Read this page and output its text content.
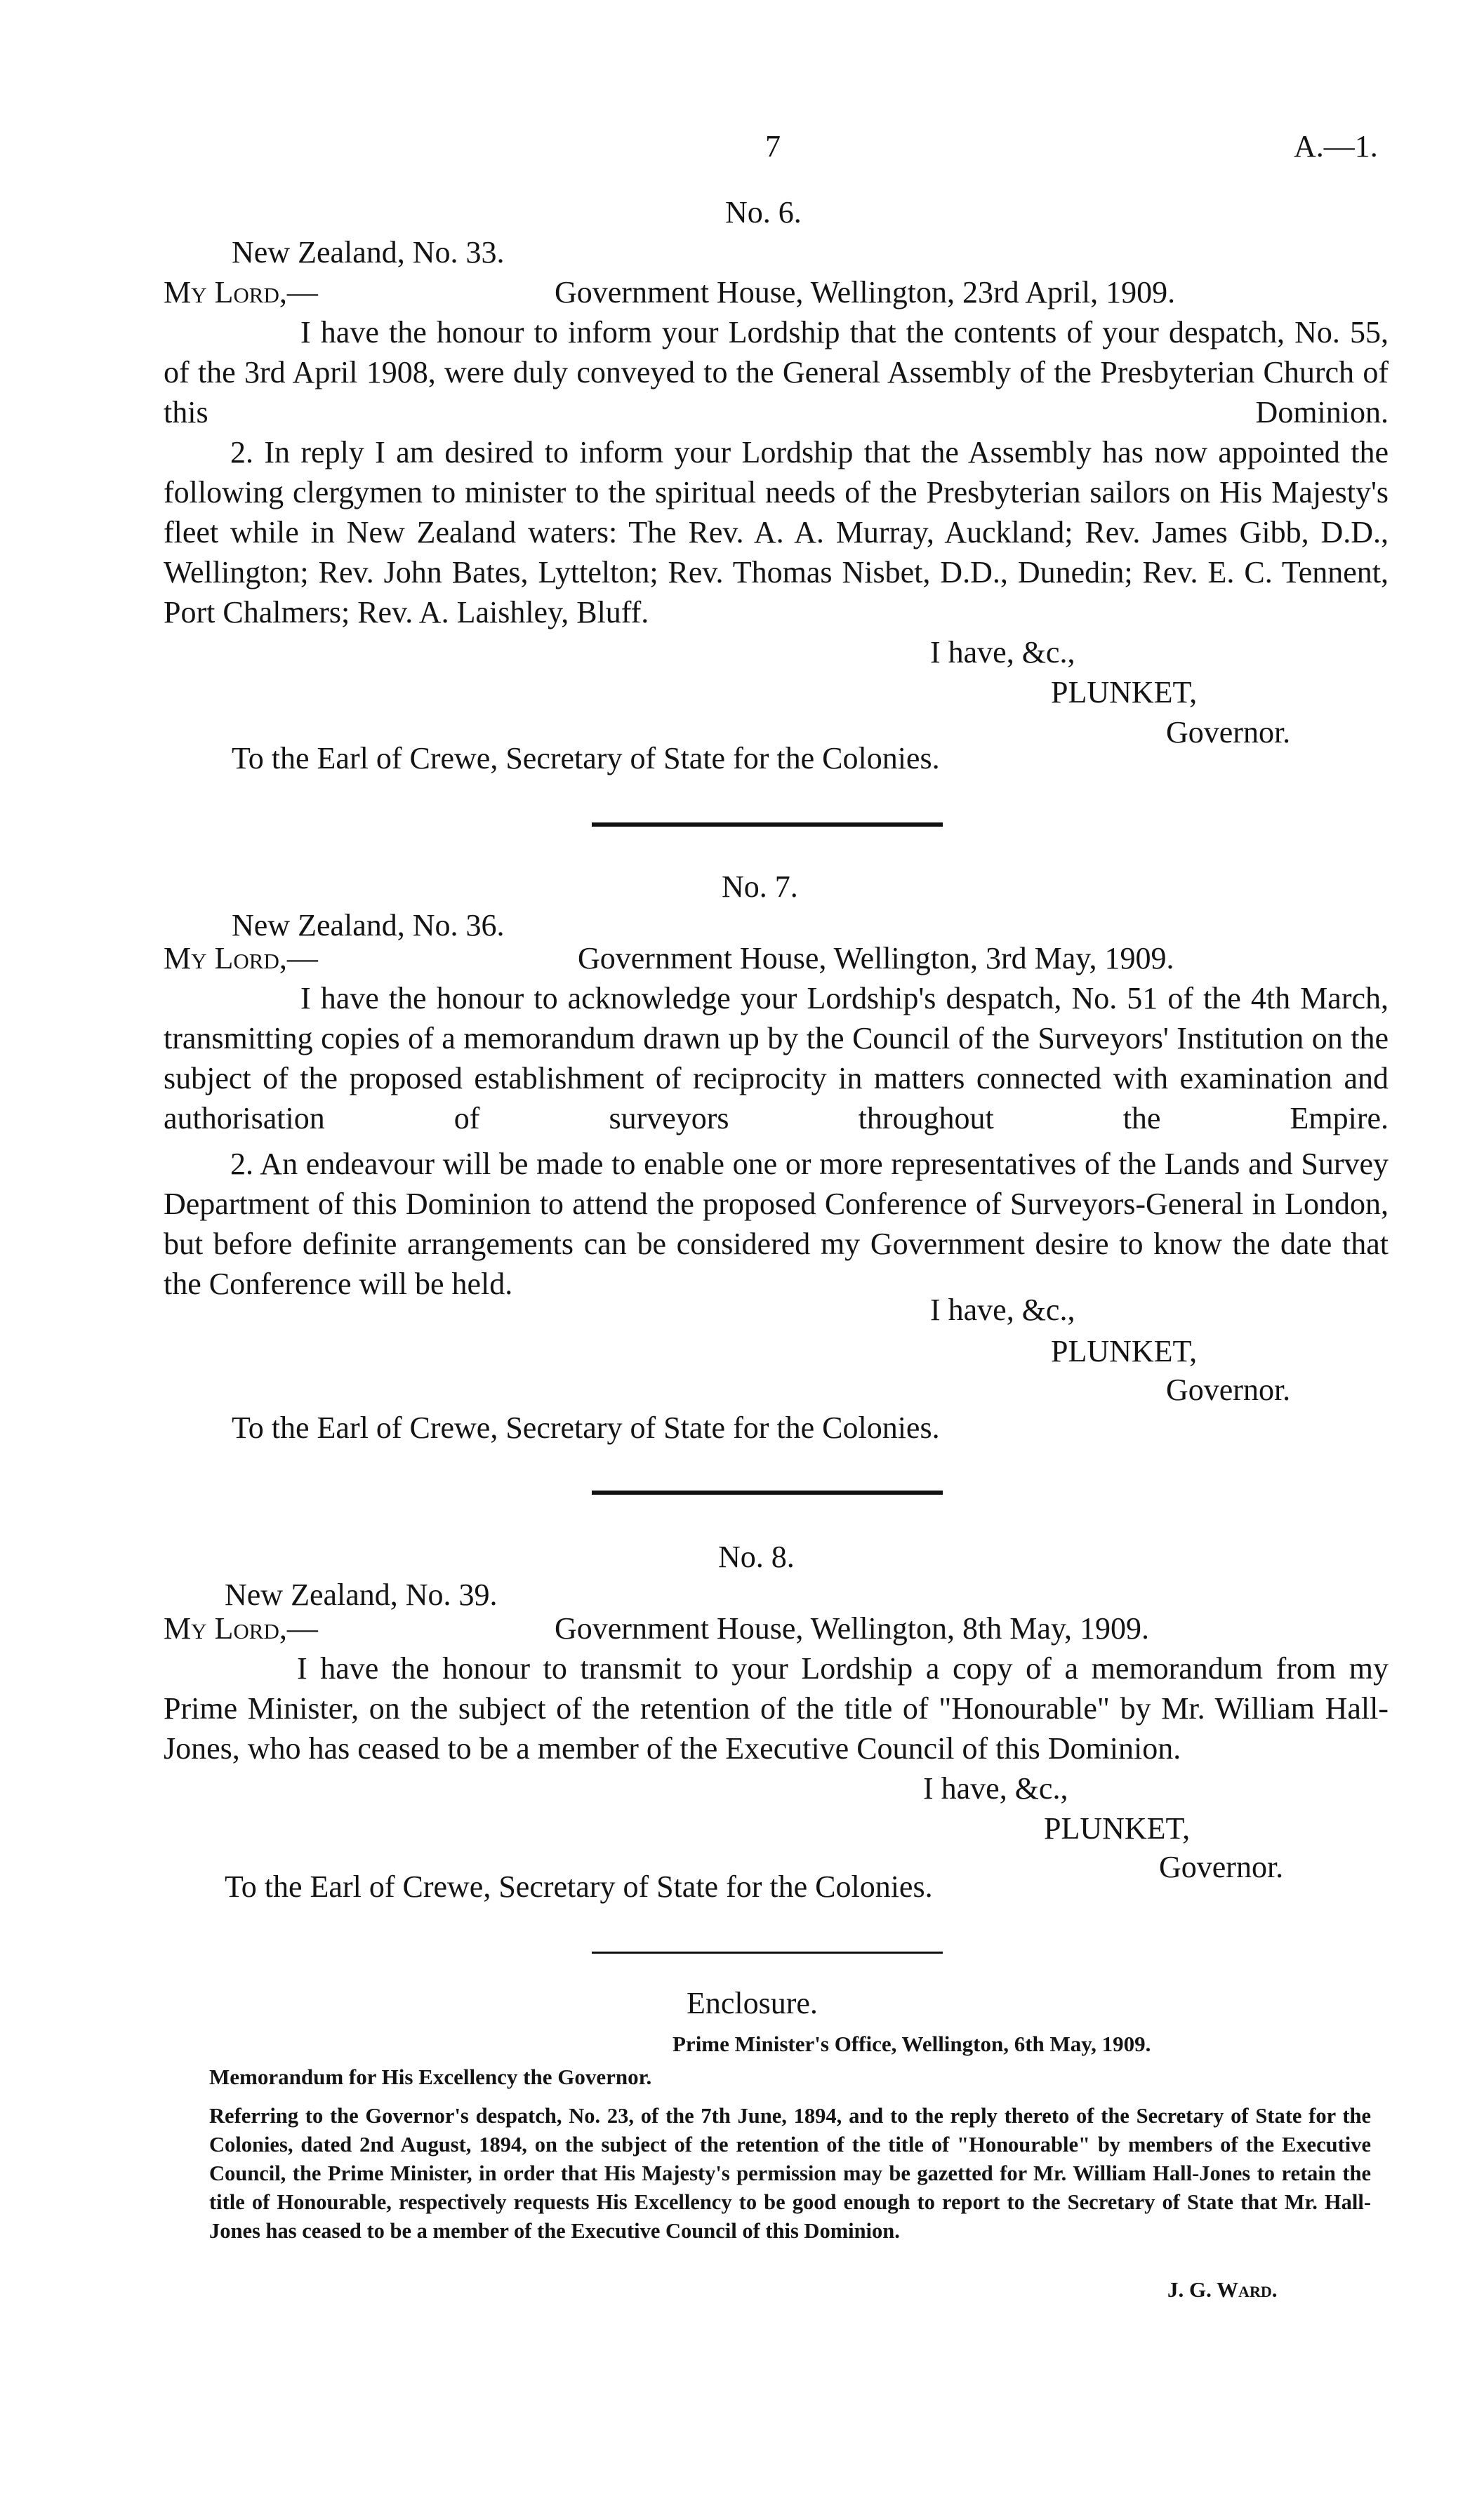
7	A.—1.
No. 6.
New Zealand, No. 33.
My Lord,—	Government House, Wellington, 23rd April, 1909.
I have the honour to inform your Lordship that the contents of your despatch, No. 55, of the 3rd April 1908, were duly conveyed to the General Assembly of the Presbyterian Church of this Dominion.
2. In reply I am desired to inform your Lordship that the Assembly has now appointed the following clergymen to minister to the spiritual needs of the Presbyterian sailors on His Majesty's fleet while in New Zealand waters: The Rev. A. A. Murray, Auckland; Rev. James Gibb, D.D., Wellington; Rev. John Bates, Lyttelton; Rev. Thomas Nisbet, D.D., Dunedin; Rev. E. C. Tennent, Port Chalmers; Rev. A. Laishley, Bluff.
I have, &c.,
PLUNKET,
Governor.
To the Earl of Crewe, Secretary of State for the Colonies.
No. 7.
New Zealand, No. 36.
My Lord,—	Government House, Wellington, 3rd May, 1909.
I have the honour to acknowledge your Lordship's despatch, No. 51 of the 4th March, transmitting copies of a memorandum drawn up by the Council of the Surveyors' Institution on the subject of the proposed establishment of reciprocity in matters connected with examination and authorisation of surveyors throughout the Empire.
2. An endeavour will be made to enable one or more representatives of the Lands and Survey Department of this Dominion to attend the proposed Conference of Surveyors-General in London, but before definite arrangements can be considered my Government desire to know the date that the Conference will be held.
I have, &c.,
PLUNKET,
Governor.
To the Earl of Crewe, Secretary of State for the Colonies.
No. 8.
New Zealand, No. 39.
My Lord,—	Government House, Wellington, 8th May, 1909.
I have the honour to transmit to your Lordship a copy of a memorandum from my Prime Minister, on the subject of the retention of the title of "Honourable" by Mr. William Hall-Jones, who has ceased to be a member of the Executive Council of this Dominion.
I have, &c.,
PLUNKET,
Governor.
To the Earl of Crewe, Secretary of State for the Colonies.
Enclosure.
Prime Minister's Office, Wellington, 6th May, 1909.
Memorandum for His Excellency the Governor.
Referring to the Governor's despatch, No. 23, of the 7th June, 1894, and to the reply thereto of the Secretary of State for the Colonies, dated 2nd August, 1894, on the subject of the retention of the title of "Honourable" by members of the Executive Council, the Prime Minister, in order that His Majesty's permission may be gazetted for Mr. William Hall-Jones to retain the title of Honourable, respectively requests His Excellency to be good enough to report to the Secretary of State that Mr. Hall-Jones has ceased to be a member of the Executive Council of this Dominion.
J. G. Ward.
